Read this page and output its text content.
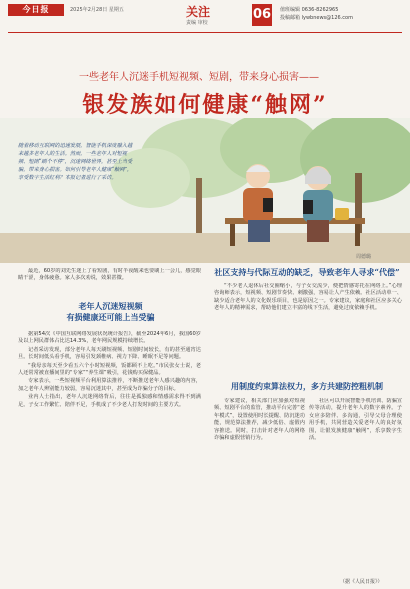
今日报	2025年2月28日 星期五	关注
责编 审校
06 值班编辑 0636-8262965
投稿邮箱 lywbnews@126.com
一些老年人沉迷手机短视频、短剧，带来身心损害——
银发族如何健康“触网”
随着移动互联网的迅速发展，智能手机深度融入越来越多老年人的生活。然而，一些老年人对短视频、短剧“刷个不停”，沉迷网络世界，甚至上当受骗，带来身心损害。如何引导老年人健康“触网”，享受数字生活红利？本报记者进行了采访。
周德璐

最近，60岁的刘先生迷上了看短剧，有时半夜醒来也要刷上一会儿，感觉眼睛干涩，身体疲惫。家人多次劝说，效果甚微。

老年人沉迷短视频
有损健康还可能上当受骗

据第54次《中国互联网络发展状况统计报告》，截至2024年6月，我国60岁及以上网民群体占比达14.3%，老年网民规模持续增长。

记者采访发现，部分老年人每天刷短视频、短剧时间较长，有的甚至通宵达旦。长时间低头看手机，容易引发颈椎病、视力下降、睡眠不足等问题。

“我母亲每天至少看五六个小时短视频，饭都顾不上吃。”市民张女士说，老人还常常被直播间里的“专家”“养生课”吸引，花钱购买保健品。

专家表示，一些短视频平台利用算法推荐，不断推送老年人感兴趣的内容，加之老年人辨别能力较弱，容易沉迷其中，甚至成为诈骗分子的目标。

业内人士指出，老年人沉迷网络背后，往往是孤独感和情感需求得不到满足。子女工作繁忙、陪伴不足，手机成了不少老人打发时间的主要方式。

社区支持与代际互动的缺乏，导致老年人寻求“代偿”

“不少老人退休后社交圈缩小，与子女交流少，便把情感寄托在网络上。”心理咨询师表示，短视频、短剧节奏快、刺激强，容易让人产生依赖。社区活动单一、缺少适合老年人的文化娱乐项目，也是原因之一。专家建议，家庭和社区应多关心老年人的精神需求，帮助他们建立丰富的线下生活，避免过度依赖手机。

用制度约束算法权力，多方共建防控粗机制

专家建议，相关部门应加强对短视频、短剧平台的监管，推动平台完善“老年模式”，设置使用时长提醒、防沉迷功能，规范算法推荐，减少低俗、虚假内容推送。同时，打击针对老年人的网络诈骗和虚假营销行为。

社区可以开展智能手机培训、防骗宣传等活动，提升老年人的数字素养。子女应多陪伴、多沟通，引导父母合理使用手机，共同营造关爱老年人的良好氛围，让银发族健康“触网”，乐享数字生活。

（据《人民日报》）
